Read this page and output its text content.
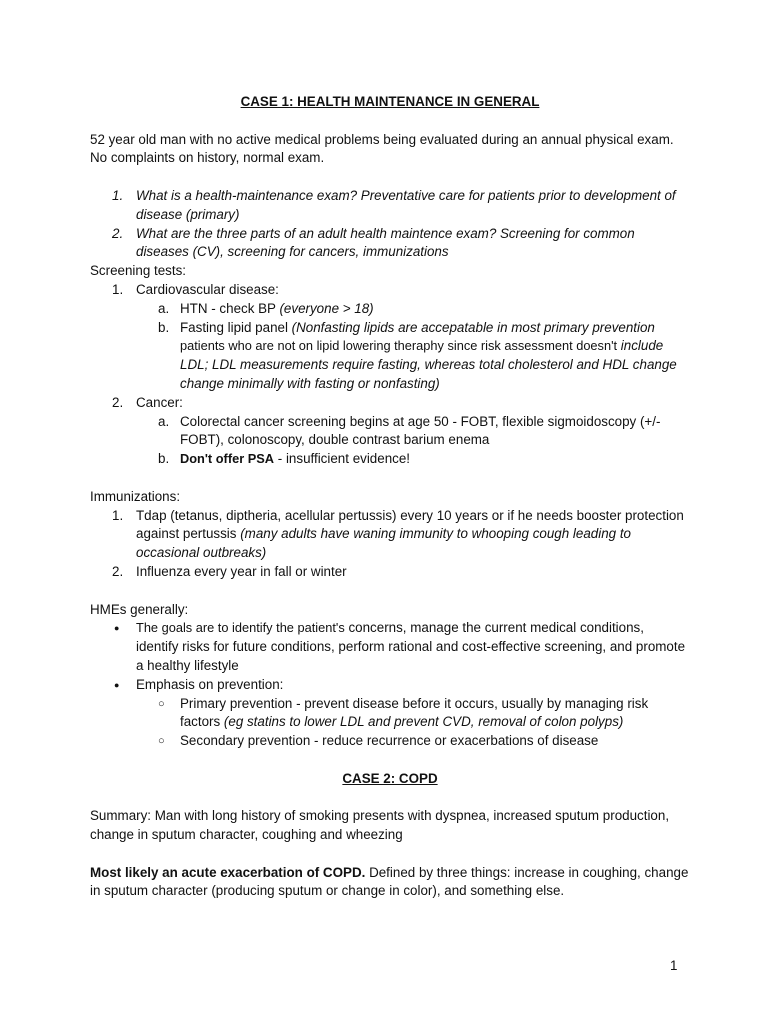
CASE 1: HEALTH MAINTENANCE IN GENERAL

52 year old man with no active medical problems being evaluated during an annual physical exam. No complaints on history, normal exam.

1. What is a health-maintenance exam? Preventative care for patients prior to development of disease (primary)
2. What are the three parts of an adult health maintence exam? Screening for common diseases (CV), screening for cancers, immunizations

Screening tests:

1. Cardiovascular disease:
a. HTN - check BP (everyone > 18)
b. Fasting lipid panel (Nonfasting lipids are accepatable in most primary prevention patients who are not on lipid lowering theraphy since risk assessment doesn't include LDL; LDL measurements require fasting, whereas total cholesterol and HDL change change minimally with fasting or nonfasting)
2. Cancer:
a. Colorectal cancer screening begins at age 50 - FOBT, flexible sigmoidoscopy (+/- FOBT), colonoscopy, double contrast barium enema
b. Don't offer PSA - insufficient evidence!

Immunizations:

1. Tdap (tetanus, diptheria, acellular pertussis) every 10 years or if he needs booster protection against pertussis (many adults have waning immunity to whooping cough leading to occasional outbreaks)
2. Influenza every year in fall or winter

HMEs generally:

● The goals are to identify the patient's concerns, manage the current medical conditions, identify risks for future conditions, perform rational and cost-effective screening, and promote a healthy lifestyle
● Emphasis on prevention:
○ Primary prevention - prevent disease before it occurs, usually by managing risk factors (eg statins to lower LDL and prevent CVD, removal of colon polyps)
○ Secondary prevention - reduce recurrence or exacerbations of disease

CASE 2: COPD

Summary: Man with long history of smoking presents with dyspnea, increased sputum production, change in sputum character, coughing and wheezing

Most likely an acute exacerbation of COPD. Defined by three things: increase in coughing, change in sputum character (producing sputum or change in color), and something else.

1
